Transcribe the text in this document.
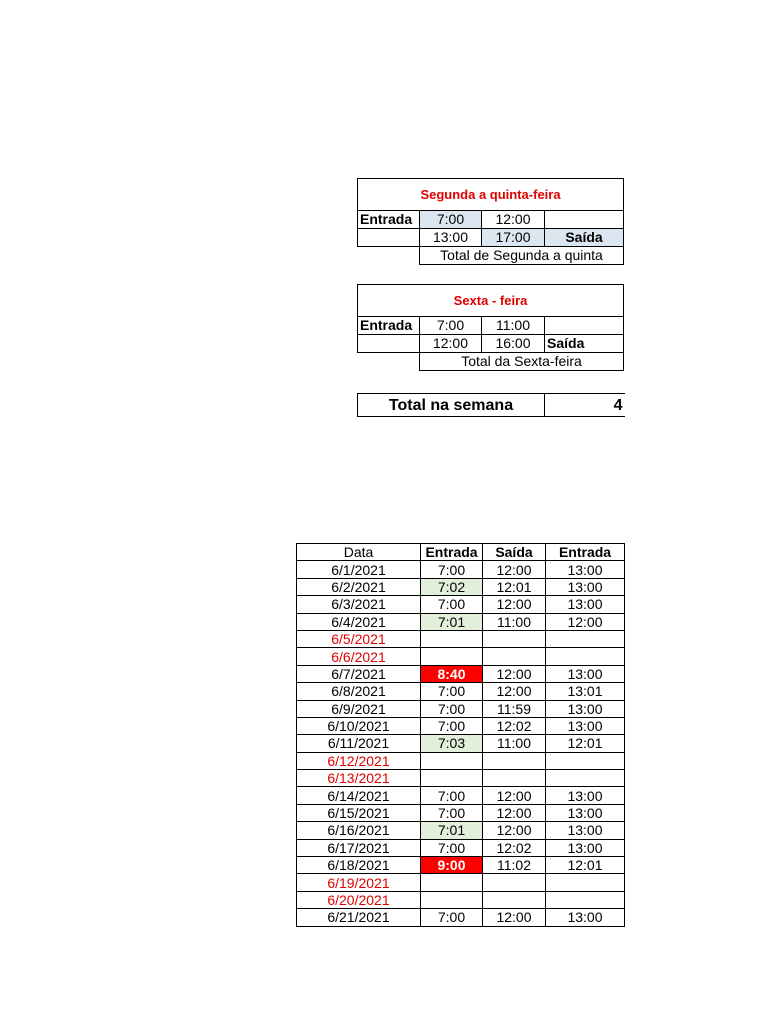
Segunda a quinta-feira			
Entrada	7:00	12:00	
	13:00	17:00	Saída
	Total de Segunda a quinta		
Sexta - feira			
Entrada	7:00	11:00	
	12:00	16:00	Saída
	Total da Sexta-feira		
Total na semana	4
Data	Entrada	Saída	Entrada
6/1/2021	7:00	12:00	13:00
6/2/2021	7:02	12:01	13:00
6/3/2021	7:00	12:00	13:00
6/4/2021	7:01	11:00	12:00
6/5/2021			
6/6/2021			
6/7/2021	8:40	12:00	13:00
6/8/2021	7:00	12:00	13:01
6/9/2021	7:00	11:59	13:00
6/10/2021	7:00	12:02	13:00
6/11/2021	7:03	11:00	12:01
6/12/2021			
6/13/2021			
6/14/2021	7:00	12:00	13:00
6/15/2021	7:00	12:00	13:00
6/16/2021	7:01	12:00	13:00
6/17/2021	7:00	12:02	13:00
6/18/2021	9:00	11:02	12:01
6/19/2021			
6/20/2021			
6/21/2021	7:00	12:00	13:00
